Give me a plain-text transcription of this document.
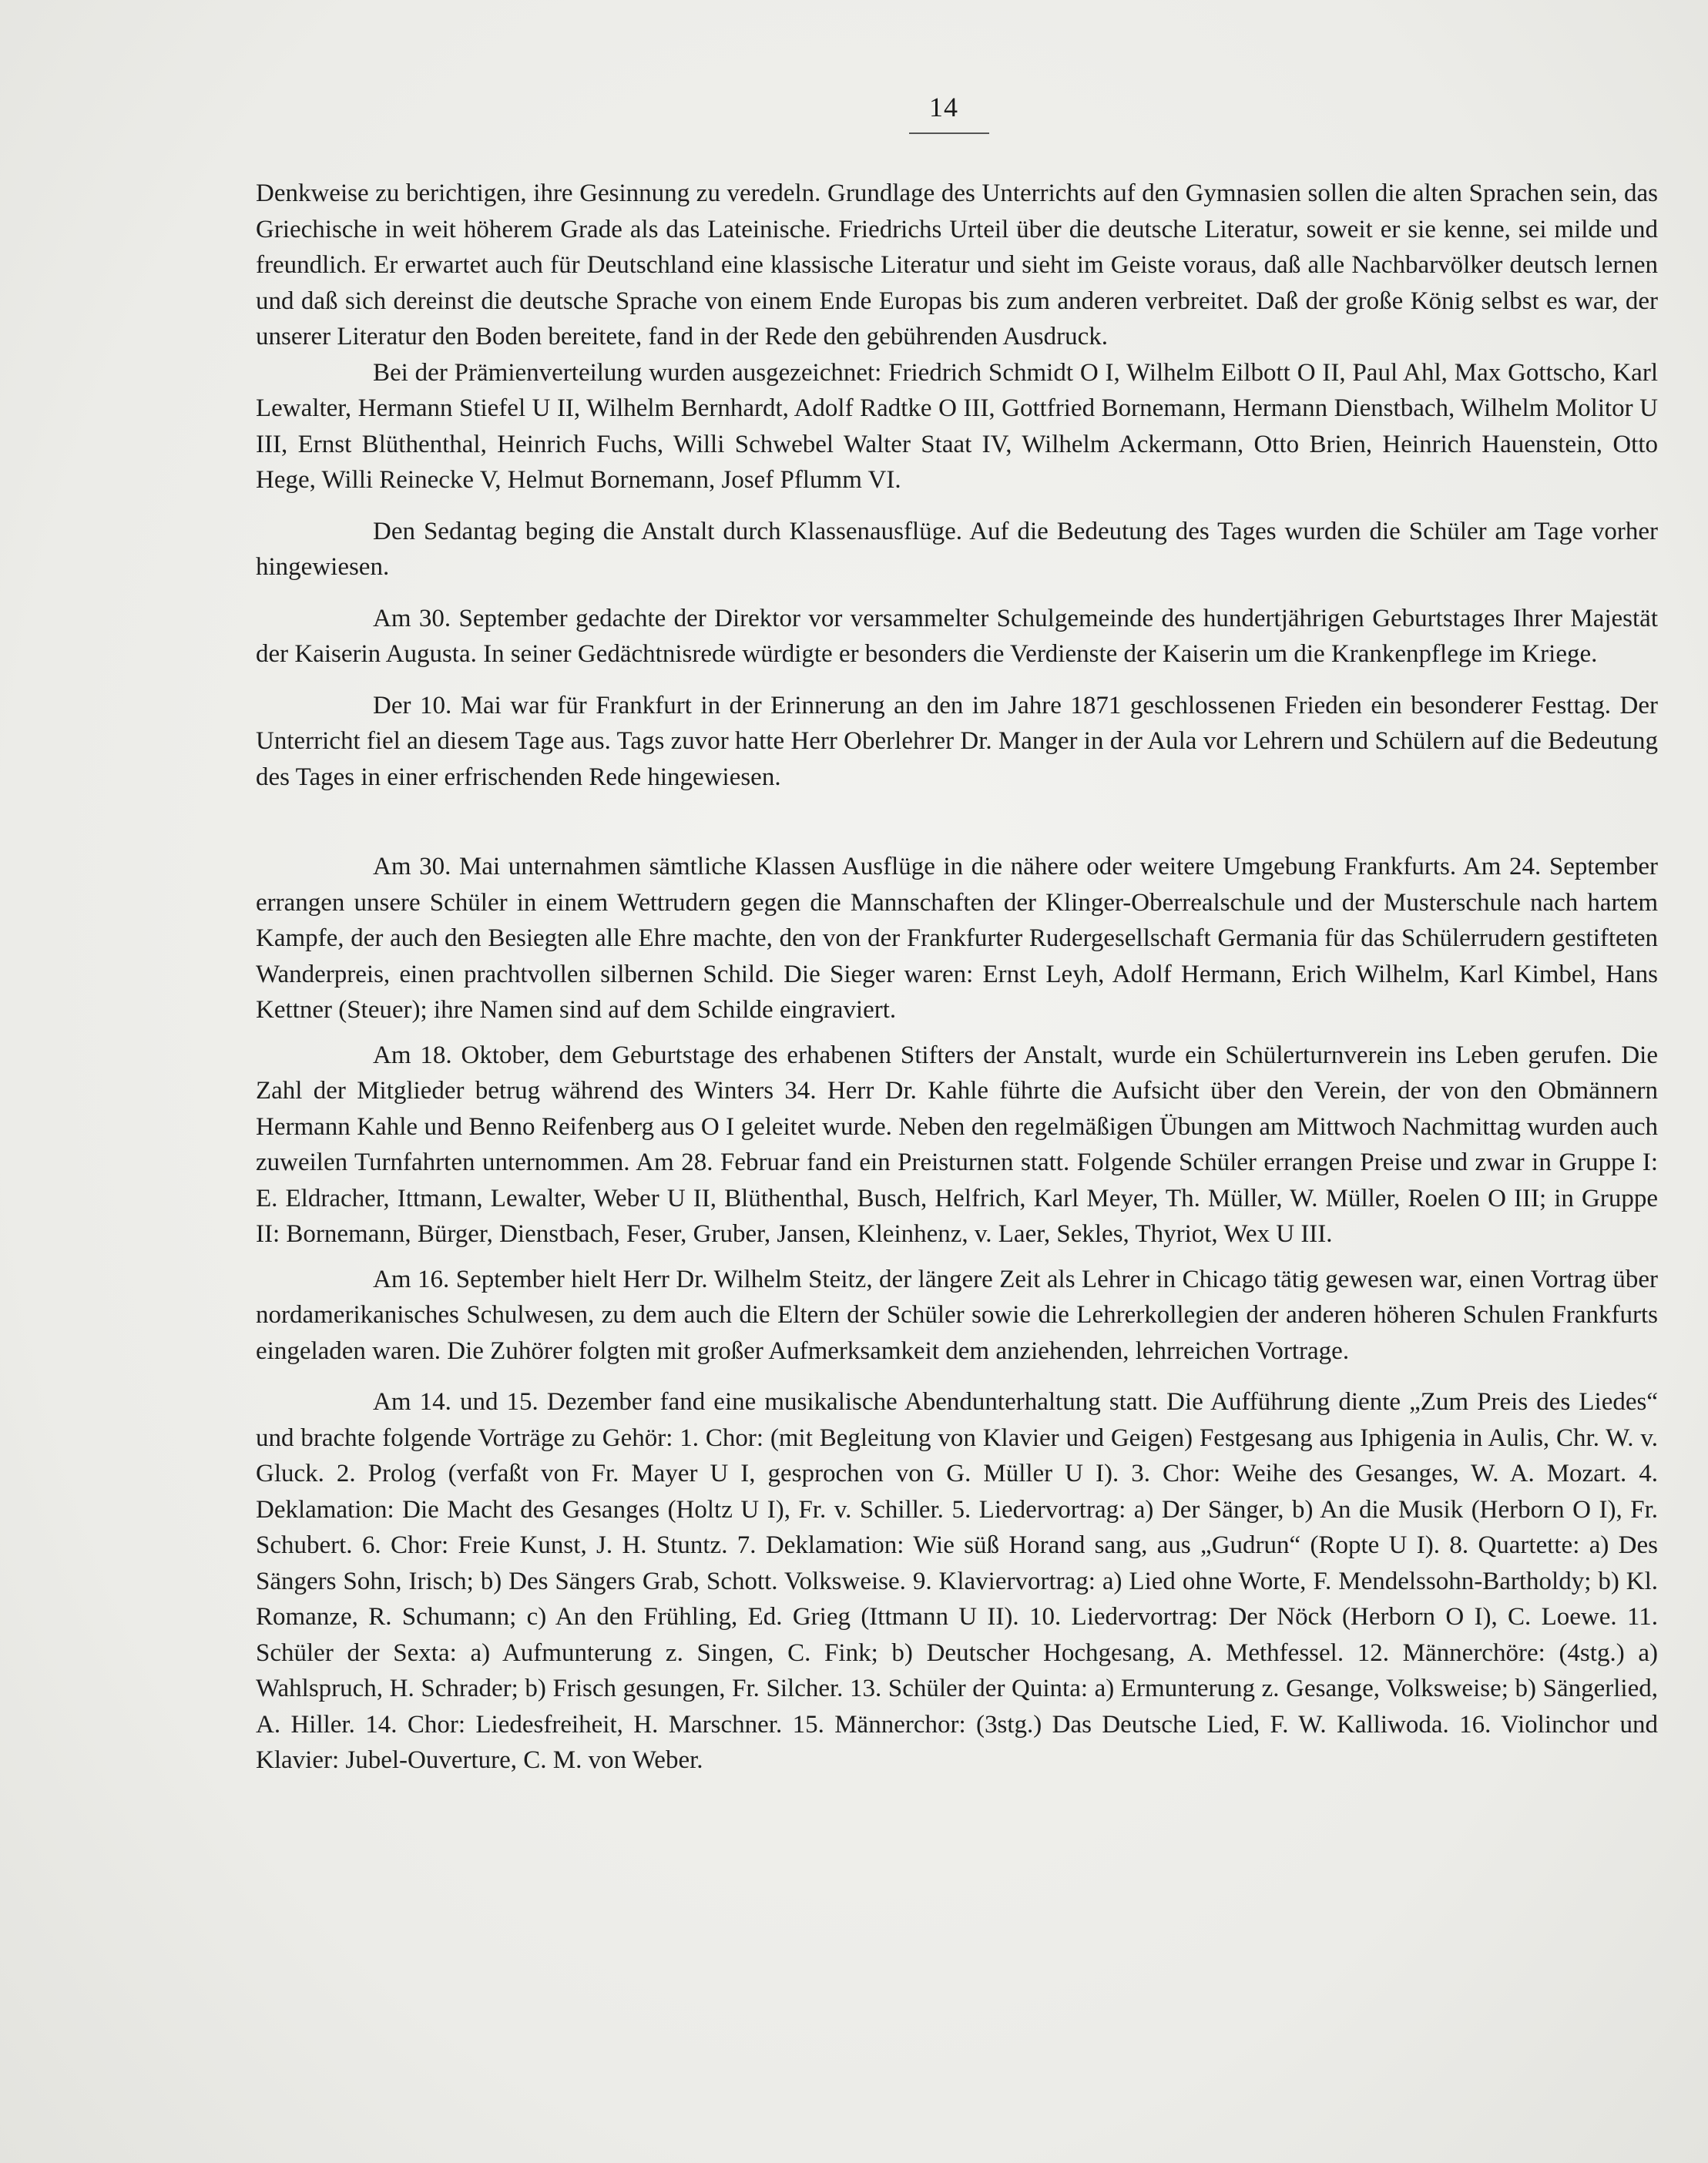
14

Denkweise zu berichtigen, ihre Gesinnung zu veredeln. Grundlage des Unterrichts auf den Gymnasien sollen die alten Sprachen sein, das Griechische in weit höherem Grade als das Lateinische. Friedrichs Urteil über die deutsche Literatur, soweit er sie kenne, sei milde und freundlich. Er erwartet auch für Deutschland eine klassische Literatur und sieht im Geiste voraus, daß alle Nachbarvölker deutsch lernen und daß sich dereinst die deutsche Sprache von einem Ende Europas bis zum anderen verbreitet. Daß der große König selbst es war, der unserer Literatur den Boden bereitete, fand in der Rede den gebührenden Ausdruck.

Bei der Prämienverteilung wurden ausgezeichnet: Friedrich Schmidt O I, Wilhelm Eilbott O II, Paul Ahl, Max Gottscho, Karl Lewalter, Hermann Stiefel U II, Wilhelm Bernhardt, Adolf Radtke O III, Gottfried Bornemann, Hermann Dienstbach, Wilhelm Molitor U III, Ernst Blüthenthal, Heinrich Fuchs, Willi Schwebel Walter Staat IV, Wilhelm Ackermann, Otto Brien, Heinrich Hauenstein, Otto Hege, Willi Reinecke V, Helmut Bornemann, Josef Pflumm VI.

Den Sedantag beging die Anstalt durch Klassenausflüge. Auf die Bedeutung des Tages wurden die Schüler am Tage vorher hingewiesen.

Am 30. September gedachte der Direktor vor versammelter Schulgemeinde des hundertjährigen Geburtstages Ihrer Majestät der Kaiserin Augusta. In seiner Gedächtnisrede würdigte er besonders die Verdienste der Kaiserin um die Krankenpflege im Kriege.

Der 10. Mai war für Frankfurt in der Erinnerung an den im Jahre 1871 geschlossenen Frieden ein besonderer Festtag. Der Unterricht fiel an diesem Tage aus. Tags zuvor hatte Herr Oberlehrer Dr. Manger in der Aula vor Lehrern und Schülern auf die Bedeutung des Tages in einer erfrischenden Rede hingewiesen.

Am 30. Mai unternahmen sämtliche Klassen Ausflüge in die nähere oder weitere Umgebung Frankfurts. Am 24. September errangen unsere Schüler in einem Wettrudern gegen die Mannschaften der Klinger-Oberrealschule und der Musterschule nach hartem Kampfe, der auch den Besiegten alle Ehre machte, den von der Frankfurter Rudergesellschaft Germania für das Schülerrudern gestifteten Wanderpreis, einen prachtvollen silbernen Schild. Die Sieger waren: Ernst Leyh, Adolf Hermann, Erich Wilhelm, Karl Kimbel, Hans Kettner (Steuer); ihre Namen sind auf dem Schilde eingraviert.

Am 18. Oktober, dem Geburtstage des erhabenen Stifters der Anstalt, wurde ein Schülerturnverein ins Leben gerufen. Die Zahl der Mitglieder betrug während des Winters 34. Herr Dr. Kahle führte die Aufsicht über den Verein, der von den Obmännern Hermann Kahle und Benno Reifenberg aus O I geleitet wurde. Neben den regelmäßigen Übungen am Mittwoch Nachmittag wurden auch zuweilen Turnfahrten unternommen. Am 28. Februar fand ein Preisturnen statt. Folgende Schüler errangen Preise und zwar in Gruppe I: E. Eldracher, Ittmann, Lewalter, Weber U II, Blüthenthal, Busch, Helfrich, Karl Meyer, Th. Müller, W. Müller, Roelen O III; in Gruppe II: Bornemann, Bürger, Dienstbach, Feser, Gruber, Jansen, Kleinhenz, v. Laer, Sekles, Thyriot, Wex U III.

Am 16. September hielt Herr Dr. Wilhelm Steitz, der längere Zeit als Lehrer in Chicago tätig gewesen war, einen Vortrag über nordamerikanisches Schulwesen, zu dem auch die Eltern der Schüler sowie die Lehrerkollegien der anderen höheren Schulen Frankfurts eingeladen waren. Die Zuhörer folgten mit großer Aufmerksamkeit dem anziehenden, lehrreichen Vortrage.

Am 14. und 15. Dezember fand eine musikalische Abendunterhaltung statt. Die Aufführung diente „Zum Preis des Liedes“ und brachte folgende Vorträge zu Gehör: 1. Chor: (mit Begleitung von Klavier und Geigen) Festgesang aus Iphigenia in Aulis, Chr. W. v. Gluck. 2. Prolog (verfaßt von Fr. Mayer U I, gesprochen von G. Müller U I). 3. Chor: Weihe des Gesanges, W. A. Mozart. 4. Deklamation: Die Macht des Gesanges (Holtz U I), Fr. v. Schiller. 5. Liedervortrag: a) Der Sänger, b) An die Musik (Herborn O I), Fr. Schubert. 6. Chor: Freie Kunst, J. H. Stuntz. 7. Deklamation: Wie süß Horand sang, aus „Gudrun“ (Ropte U I). 8. Quartette: a) Des Sängers Sohn, Irisch; b) Des Sängers Grab, Schott. Volksweise. 9. Klaviervortrag: a) Lied ohne Worte, F. Mendelssohn-Bartholdy; b) Kl. Romanze, R. Schumann; c) An den Frühling, Ed. Grieg (Ittmann U II). 10. Liedervortrag: Der Nöck (Herborn O I), C. Loewe. 11. Schüler der Sexta: a) Aufmunterung z. Singen, C. Fink; b) Deutscher Hochgesang, A. Methfessel. 12. Männerchöre: (4stg.) a) Wahlspruch, H. Schrader; b) Frisch gesungen, Fr. Silcher. 13. Schüler der Quinta: a) Ermunterung z. Gesange, Volksweise; b) Sängerlied, A. Hiller. 14. Chor: Liedesfreiheit, H. Marschner. 15. Männerchor: (3stg.) Das Deutsche Lied, F. W. Kalliwoda. 16. Violinchor und Klavier: Jubel-Ouverture, C. M. von Weber.
